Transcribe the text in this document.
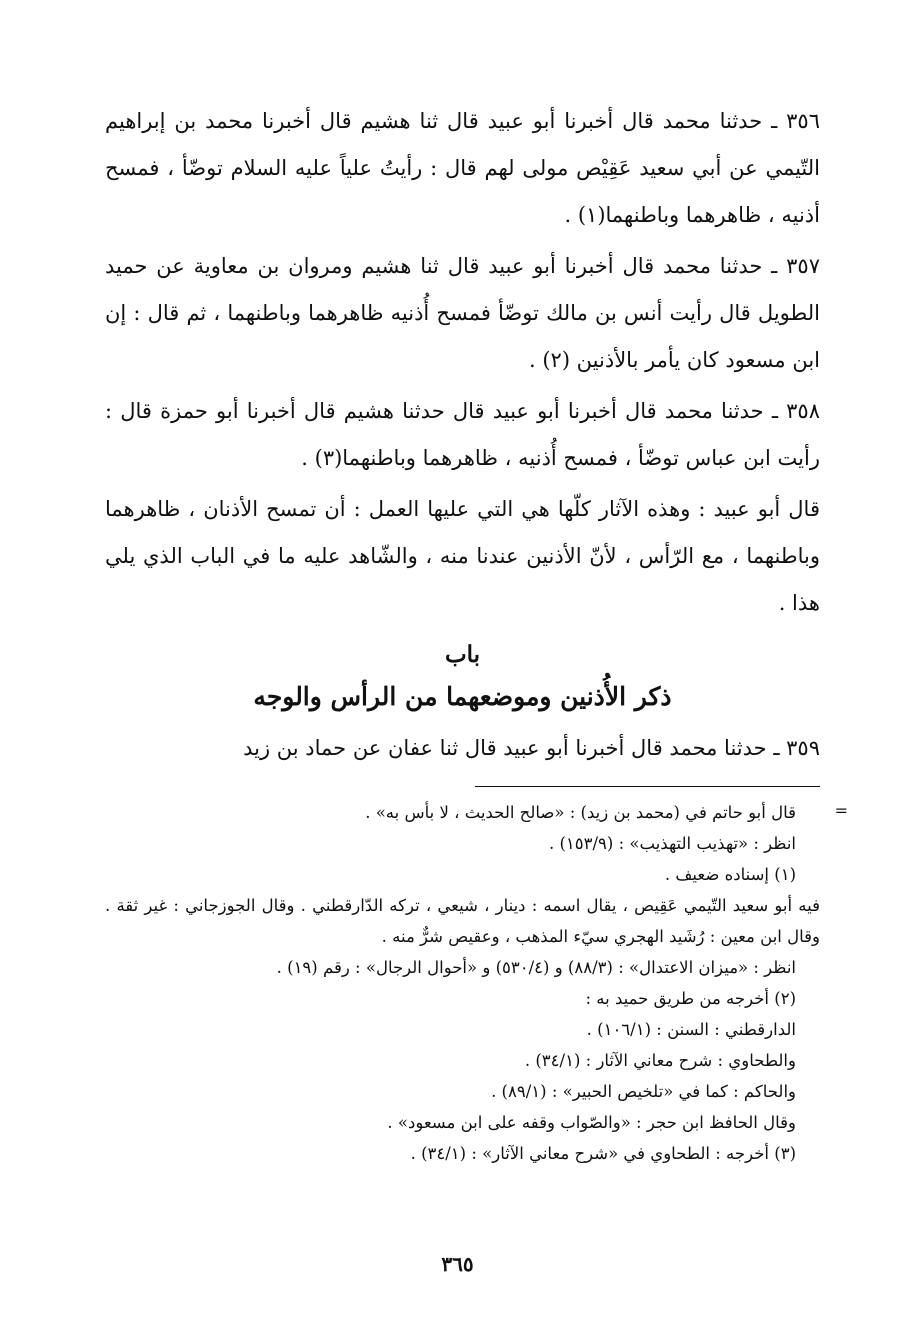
٣٥٦ ـ حدثنا محمد قال أخبرنا أبو عبيد قال ثنا هشيم قال أخبرنا محمد بن إبراهيم التّيمي عن أبي سعيد عَقِيْص مولى لهم قال : رأيتُ علياً عليه السلام توضّأ ، فمسح أذنيه ، ظاهرهما وباطنهما(١) .

٣٥٧ ـ حدثنا محمد قال أخبرنا أبو عبيد قال ثنا هشيم ومروان بن معاوية عن حميد الطويل قال رأيت أنس بن مالك توضّأ فمسح أُذنيه ظاهرهما وباطنهما ، ثم قال : إن ابن مسعود كان يأمر بالأذنين (٢) .

٣٥٨ ـ حدثنا محمد قال أخبرنا أبو عبيد قال حدثنا هشيم قال أخبرنا أبو حمزة قال : رأيت ابن عباس توضّأ ، فمسح أُذنيه ، ظاهرهما وباطنهما(٣) .

قال أبو عبيد : وهذه الآثار كلّها هي التي عليها العمل : أن تمسح الأذنان ، ظاهرهما وباطنهما ، مع الرّأس ، لأنّ الأذنين عندنا منه ، والشّاهد عليه ما في الباب الذي يلي هذا .

باب
ذكر الأُذنين وموضعهما من الرأس والوجه

٣٥٩ ـ حدثنا محمد قال أخبرنا أبو عبيد قال ثنا عفان عن حماد بن زيد

=

قال أبو حاتم في (محمد بن زيد) : «صالح الحديث ، لا بأس به» .

انظر : «تهذيب التهذيب» : (١٥٣/٩) .

(١) إسناده ضعيف .

فيه أبو سعيد التّيمي عَقِيص ، يقال اسمه : دينار ، شيعي ، تركه الدّارقطني . وقال الجوزجاني : غير ثقة . وقال ابن معين : رُشَيد الهجري سيّء المذهب ، وعقيص شرٌّ منه .

انظر : «ميزان الاعتدال» : (٨٨/٣) و (٥٣٠/٤) و «أحوال الرجال» : رقم (١٩) .

(٢) أخرجه من طريق حميد به :

الدارقطني : السنن : (١٠٦/١) .

والطحاوي : شرح معاني الآثار : (٣٤/١) .

والحاكم : كما في «تلخيص الحبير» : (٨٩/١) .

وقال الحافظ ابن حجر : «والصّواب وقفه على ابن مسعود» .

(٣) أخرجه : الطحاوي في «شرح معاني الآثار» : (٣٤/١) .

٣٦٥
